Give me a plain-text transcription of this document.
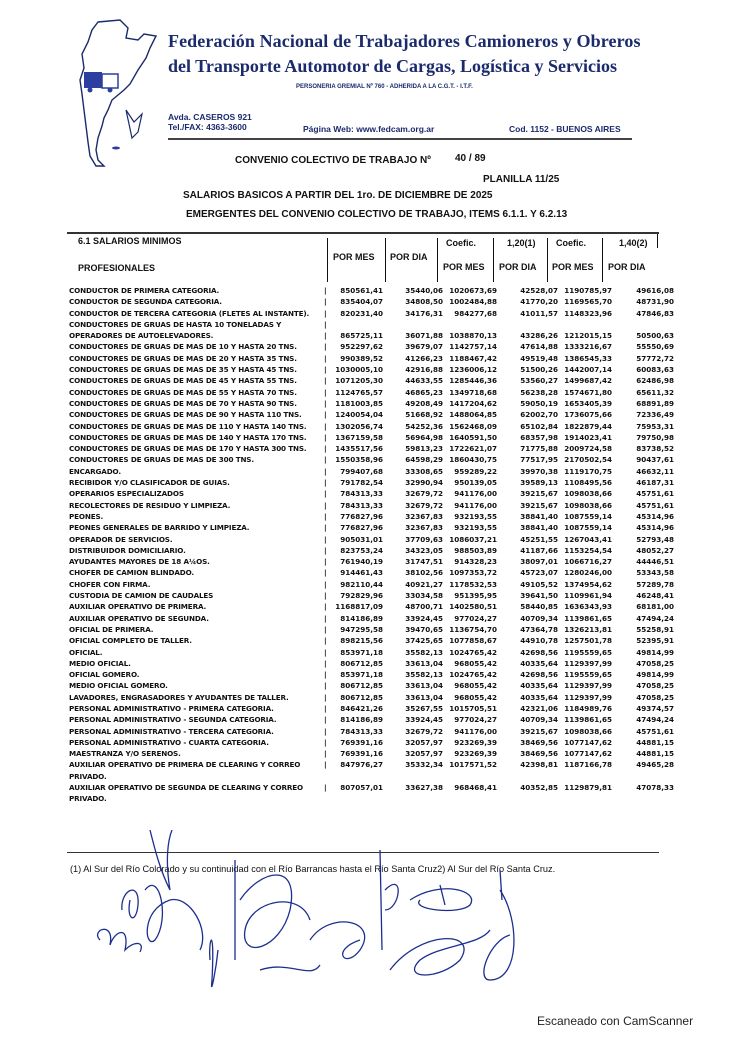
Federación Nacional de Trabajadores Camioneros y Obreros
del Transporte Automotor de Cargas, Logística y Servicios
PERSONERIA GREMIAL Nº 760 - ADHERIDA A LA C.G.T. - I.T.F.
Avda. CASEROS 921
Tel./FAX: 4363-3600	Página Web: www.fedcam.org.ar	Cod. 1152 - BUENOS AIRES
CONVENIO COLECTIVO DE TRABAJO Nº 40 / 89
PLANILLA 11/25
SALARIOS BASICOS A PARTIR DEL 1ro. DE DICIEMBRE DE 2025
EMERGENTES DEL CONVENIO COLECTIVO DE TRABAJO, ITEMS 6.1.1. Y 6.2.13
6.1 SALARIOS MINIMOS
PROFESIONALES
POR MES POR DIA
Coefic.	1,20(1) Coefic.	1,40(2)
POR MES POR DIA POR MES POR DIA
CONDUCTOR DE PRIMERA CATEGORIA.	|	850561,41	35440,06 1020673,69	42528,07 1190785,97	49616,08
CONDUCTOR DE SEGUNDA CATEGORIA.	|	835404,07	34808,50 1002484,88	41770,20 1169565,70	48731,90
CONDUCTOR DE TERCERA CATEGORIA (FLETES AL INSTANTE). |	820231,40	34176,31	984277,68	41011,57 1148323,96	47846,83
CONDUCTORES DE GRUAS DE HASTA 10 TONELADAS Y	|
OPERADORES DE AUTOELEVADORES.	|	865725,11	36071,88 1038870,13	43286,26 1212015,15	50500,63
CONDUCTORES DE GRUAS DE MAS DE 10 Y HASTA 20 TNS.	|	952297,62	39679,07 1142757,14	47614,88 1333216,67	55550,69
CONDUCTORES DE GRUAS DE MAS DE 20 Y HASTA 35 TNS.	|	990389,52	41266,23 1188467,42	49519,48 1386545,33	57772,72
CONDUCTORES DE GRUAS DE MAS DE 35 Y HASTA 45 TNS.	|	1030005,10	42916,88 1236006,12	51500,26 1442007,14	60083,63
CONDUCTORES DE GRUAS DE MAS DE 45 Y HASTA 55 TNS.	|	1071205,30	44633,55 1285446,36	53560,27 1499687,42	62486,98
CONDUCTORES DE GRUAS DE MAS DE 55 Y HASTA 70 TNS.	|	1124765,57	46865,23 1349718,68	56238,28 1574671,80	65611,32
CONDUCTORES DE GRUAS DE MAS DE 70 Y HASTA 90 TNS.	|	1181003,85	49208,49 1417204,62	59050,19 1653405,39	68891,89
CONDUCTORES DE GRUAS DE MAS DE 90 Y HASTA 110 TNS.	|	1240054,04	51668,92 1488064,85	62002,70 1736075,66	72336,49
CONDUCTORES DE GRUAS DE MAS DE 110 Y HASTA 140 TNS. |	1302056,74	54252,36 1562468,09	65102,84 1822879,44	75953,31
CONDUCTORES DE GRUAS DE MAS DE 140 Y HASTA 170 TNS. |	1367159,58	56964,98 1640591,50	68357,98 1914023,41	79750,98
CONDUCTORES DE GRUAS DE MAS DE 170 Y HASTA 300 TNS. |	1435517,56	59813,23 1722621,07	71775,88 2009724,58	83738,52
CONDUCTORES DE GRUAS DE MAS DE 300 TNS.	|	1550358,96	64598,29 1860430,75	77517,95 2170502,54	90437,61
ENCARGADO.	|	799407,68	33308,65	959289,22	39970,38 1119170,75	46632,11
RECIBIDOR Y/O CLASIFICADOR DE GUIAS.	|	791782,54	32990,94	950139,05	39589,13 1108495,56	46187,31
OPERARIOS ESPECIALIZADOS	|	784313,33	32679,72	941176,00	39215,67 1098038,66	45751,61
RECOLECTORES DE RESIDUO Y LIMPIEZA.	|	784313,33	32679,72	941176,00	39215,67 1098038,66	45751,61
PEONES.	|	776827,96	32367,83	932193,55	38841,40 1087559,14	45314,96
PEONES GENERALES DE BARRIDO Y LIMPIEZA.	|	776827,96	32367,83	932193,55	38841,40 1087559,14	45314,96
OPERADOR DE SERVICIOS.	|	905031,01	37709,63 1086037,21	45251,55 1267043,41	52793,48
DISTRIBUIDOR DOMICILIARIO.	|	823753,24	34323,05	988503,89	41187,66 1153254,54	48052,27
AYUDANTES MAYORES DE 18 A¼OS.	|	761940,19	31747,51	914328,23	38097,01 1066716,27	44446,51
CHOFER DE CAMION BLINDADO.	|	914461,43	38102,56 1097353,72	45723,07 1280246,00	53343,58
CHOFER CON FIRMA.	|	982110,44	40921,27 1178532,53	49105,52 1374954,62	57289,78
CUSTODIA DE CAMION DE CAUDALES	|	792829,96	33034,58	951395,95	39641,50 1109961,94	46248,41
AUXILIAR OPERATIVO DE PRIMERA.	|	1168817,09	48700,71 1402580,51	58440,85 1636343,93	68181,00
AUXILIAR OPERATIVO DE SEGUNDA.	|	814186,89	33924,45	977024,27	40709,34 1139861,65	47494,24
OFICIAL DE PRIMERA.	|	947295,58	39470,65 1136754,70	47364,78 1326213,81	55258,91
OFICIAL COMPLETO DE TALLER.	|	898215,56	37425,65 1077858,67	44910,78 1257501,78	52395,91
OFICIAL.	|	853971,18	35582,13 1024765,42	42698,56 1195559,65	49814,99
MEDIO OFICIAL.	|	806712,85	33613,04	968055,42	40335,64 1129397,99	47058,25
OFICIAL GOMERO.	|	853971,18	35582,13 1024765,42	42698,56 1195559,65	49814,99
MEDIO OFICIAL GOMERO.	|	806712,85	33613,04	968055,42	40335,64 1129397,99	47058,25
LAVADORES, ENGRASADORES Y AYUDANTES DE TALLER.	|	806712,85	33613,04	968055,42	40335,64 1129397,99	47058,25
PERSONAL ADMINISTRATIVO - PRIMERA CATEGORIA.	|	846421,26	35267,55 1015705,51	42321,06 1184989,76	49374,57
PERSONAL ADMINISTRATIVO - SEGUNDA CATEGORIA.	|	814186,89	33924,45	977024,27	40709,34 1139861,65	47494,24
PERSONAL ADMINISTRATIVO - TERCERA CATEGORIA.	|	784313,33	32679,72	941176,00	39215,67 1098038,66	45751,61
PERSONAL ADMINISTRATIVO - CUARTA CATEGORIA.	|	769391,16	32057,97	923269,39	38469,56 1077147,62	44881,15
MAESTRANZA Y/O SERENOS.	|	769391,16	32057,97	923269,39	38469,56 1077147,62	44881,15
AUXILIAR OPERATIVO DE PRIMERA DE CLEARING Y CORREO	|	847976,27	35332,34 1017571,52	42398,81 1187166,78	49465,28
PRIVADO.
AUXILIAR OPERATIVO DE SEGUNDA DE CLEARING Y CORREO	|	807057,01	33627,38	968468,41	40352,85 1129879,81	47078,33
PRIVADO.
(1) Al Sur del Río Colorado y su continuidad con el Río Barrancas hasta el Río Santa Cruz2) Al Sur del Río Santa Cruz.
Escaneado con CamScanner
